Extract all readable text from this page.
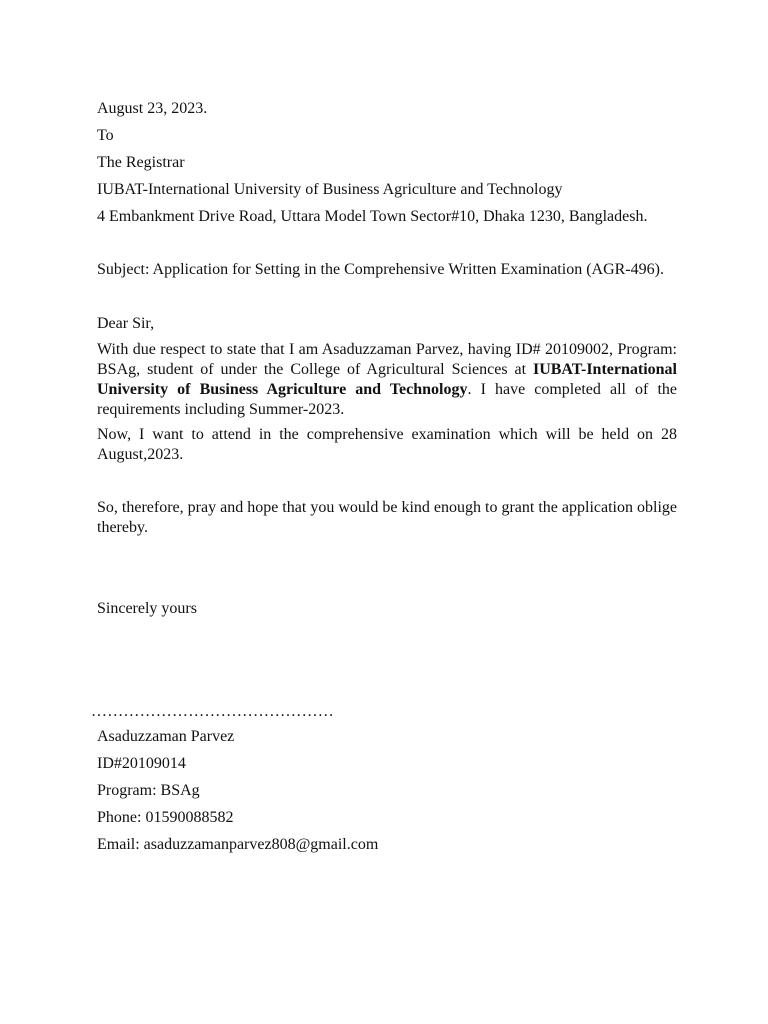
August 23, 2023.

To

The Registrar

IUBAT-International University of Business Agriculture and Technology

4 Embankment Drive Road, Uttara Model Town Sector#10, Dhaka 1230, Bangladesh.

Subject: Application for Setting in the Comprehensive Written Examination (AGR-496).

Dear Sir,

With due respect to state that I am Asaduzzaman Parvez, having ID# 20109002, Program: BSAg, student of under the College of Agricultural Sciences at IUBAT-International University of Business Agriculture and Technology. I have completed all of the requirements including Summer-2023.

Now, I want to attend in the comprehensive examination which will be held on 28 August,2023.

So, therefore, pray and hope that you would be kind enough to grant the application oblige thereby.

Sincerely yours

………………………………………

Asaduzzaman Parvez

ID#20109014

Program: BSAg

Phone: 01590088582

Email: asaduzzamanparvez808@gmail.com
